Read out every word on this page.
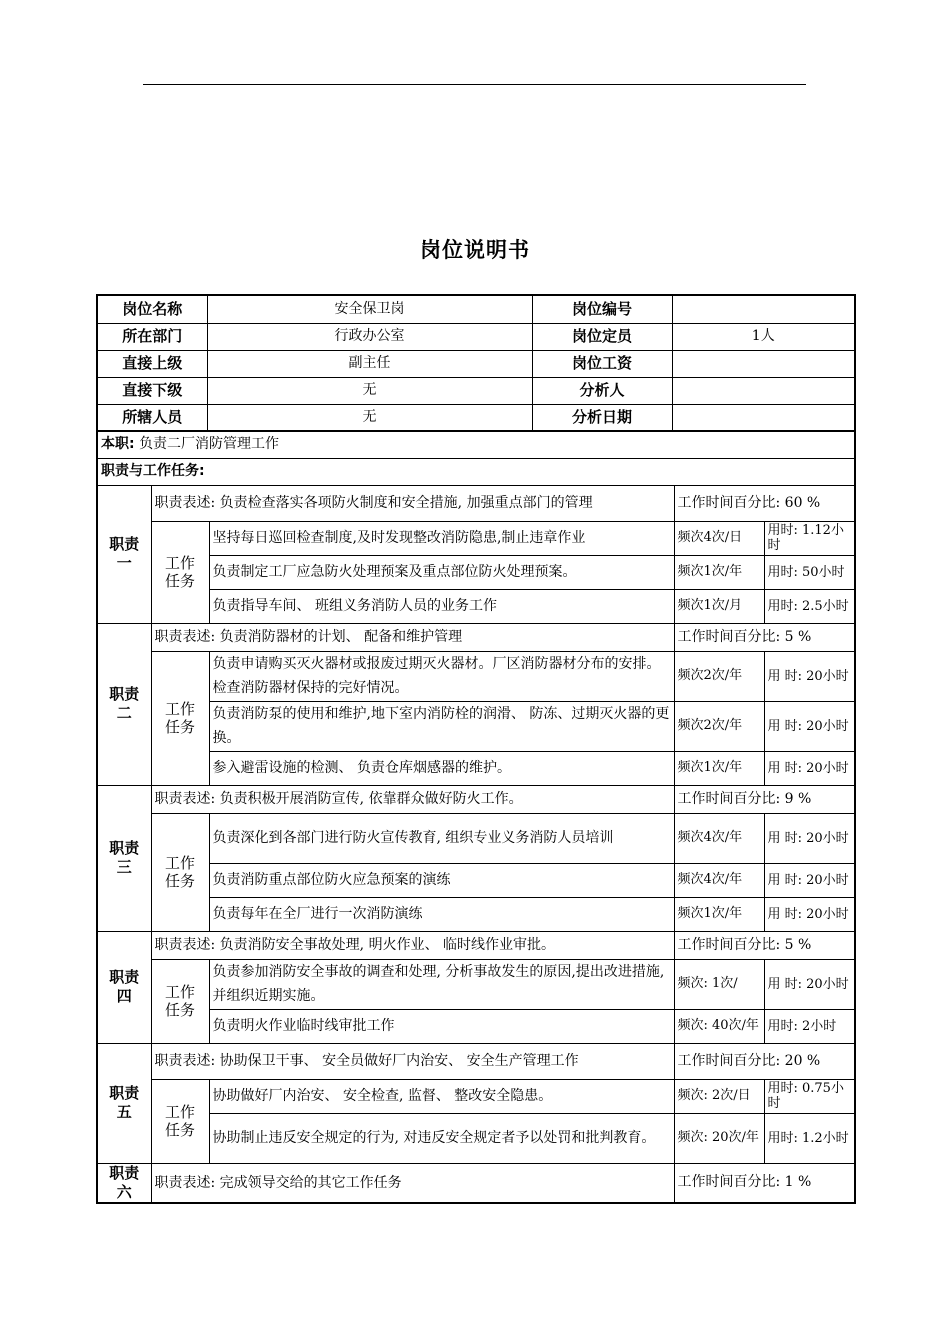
岗位说明书
岗位名称	安全保卫岗	岗位编号	
所在部门	行政办公室	岗位定员	1人
直接上级	副主任	岗位工资	
直接下级	无	分析人	
所辖人员	无	分析日期	
本职: 负责二厂消防管理工作				
职责与工作任务:				
职责一	职责表述: 负责检查落实各项防火制度和安全措施, 加强重点部门的管理		工作时间百分比: 60 %	
	工作任务	坚持每日巡回检查制度,及时发现整改消防隐患,制止违章作业	频次4次/日	用时: 1.12小时
		负责制定工厂应急防火处理预案及重点部位防火处理预案。	频次1次/年	用时: 50小时
		负责指导车间、 班组义务消防人员的业务工作	频次1次/月	用时: 2.5小时
职责二	职责表述: 负责消防器材的计划、 配备和维护管理		工作时间百分比: 5 %	
	工作任务	负责申请购买灭火器材或报废过期灭火器材。厂区消防器材分布的安排。检查消防器材保持的完好情况。	频次2次/年	用 时: 20小时
		负责消防泵的使用和维护,地下室内消防栓的润滑、 防冻、过期灭火器的更换。	频次2次/年	用 时: 20小时
		参入避雷设施的检测、 负责仓库烟感器的维护。	频次1次/年	用 时: 20小时
职责三	职责表述: 负责积极开展消防宣传, 依靠群众做好防火工作。		工作时间百分比: 9 %	
	工作任务	负责深化到各部门进行防火宣传教育, 组织专业义务消防人员培训	频次4次/年	用 时: 20小时
		负责消防重点部位防火应急预案的演练	频次4次/年	用 时: 20小时
		负责每年在全厂进行一次消防演练	频次1次/年	用 时: 20小时
职责四	职责表述: 负责消防安全事故处理, 明火作业、 临时线作业审批。		工作时间百分比: 5 %	
	工作任务	负责参加消防安全事故的调查和处理, 分析事故发生的原因,提出改进措施, 并组织近期实施。	频次: 1次/	用 时: 20小时
		负责明火作业临时线审批工作	频次: 40次/年	用时: 2小时
职责五	职责表述: 协助保卫干事、 安全员做好厂内治安、 安全生产管理工作		工作时间百分比: 20 %	
	工作任务	协助做好厂内治安、 安全检查, 监督、 整改安全隐患。	频次: 2次/日	用时: 0.75小时
		协助制止违反安全规定的行为, 对违反安全规定者予以处罚和批判教育。	频次: 20次/年	用时: 1.2小时
职责六	职责表述: 完成领导交给的其它工作任务		工作时间百分比: 1 %	
